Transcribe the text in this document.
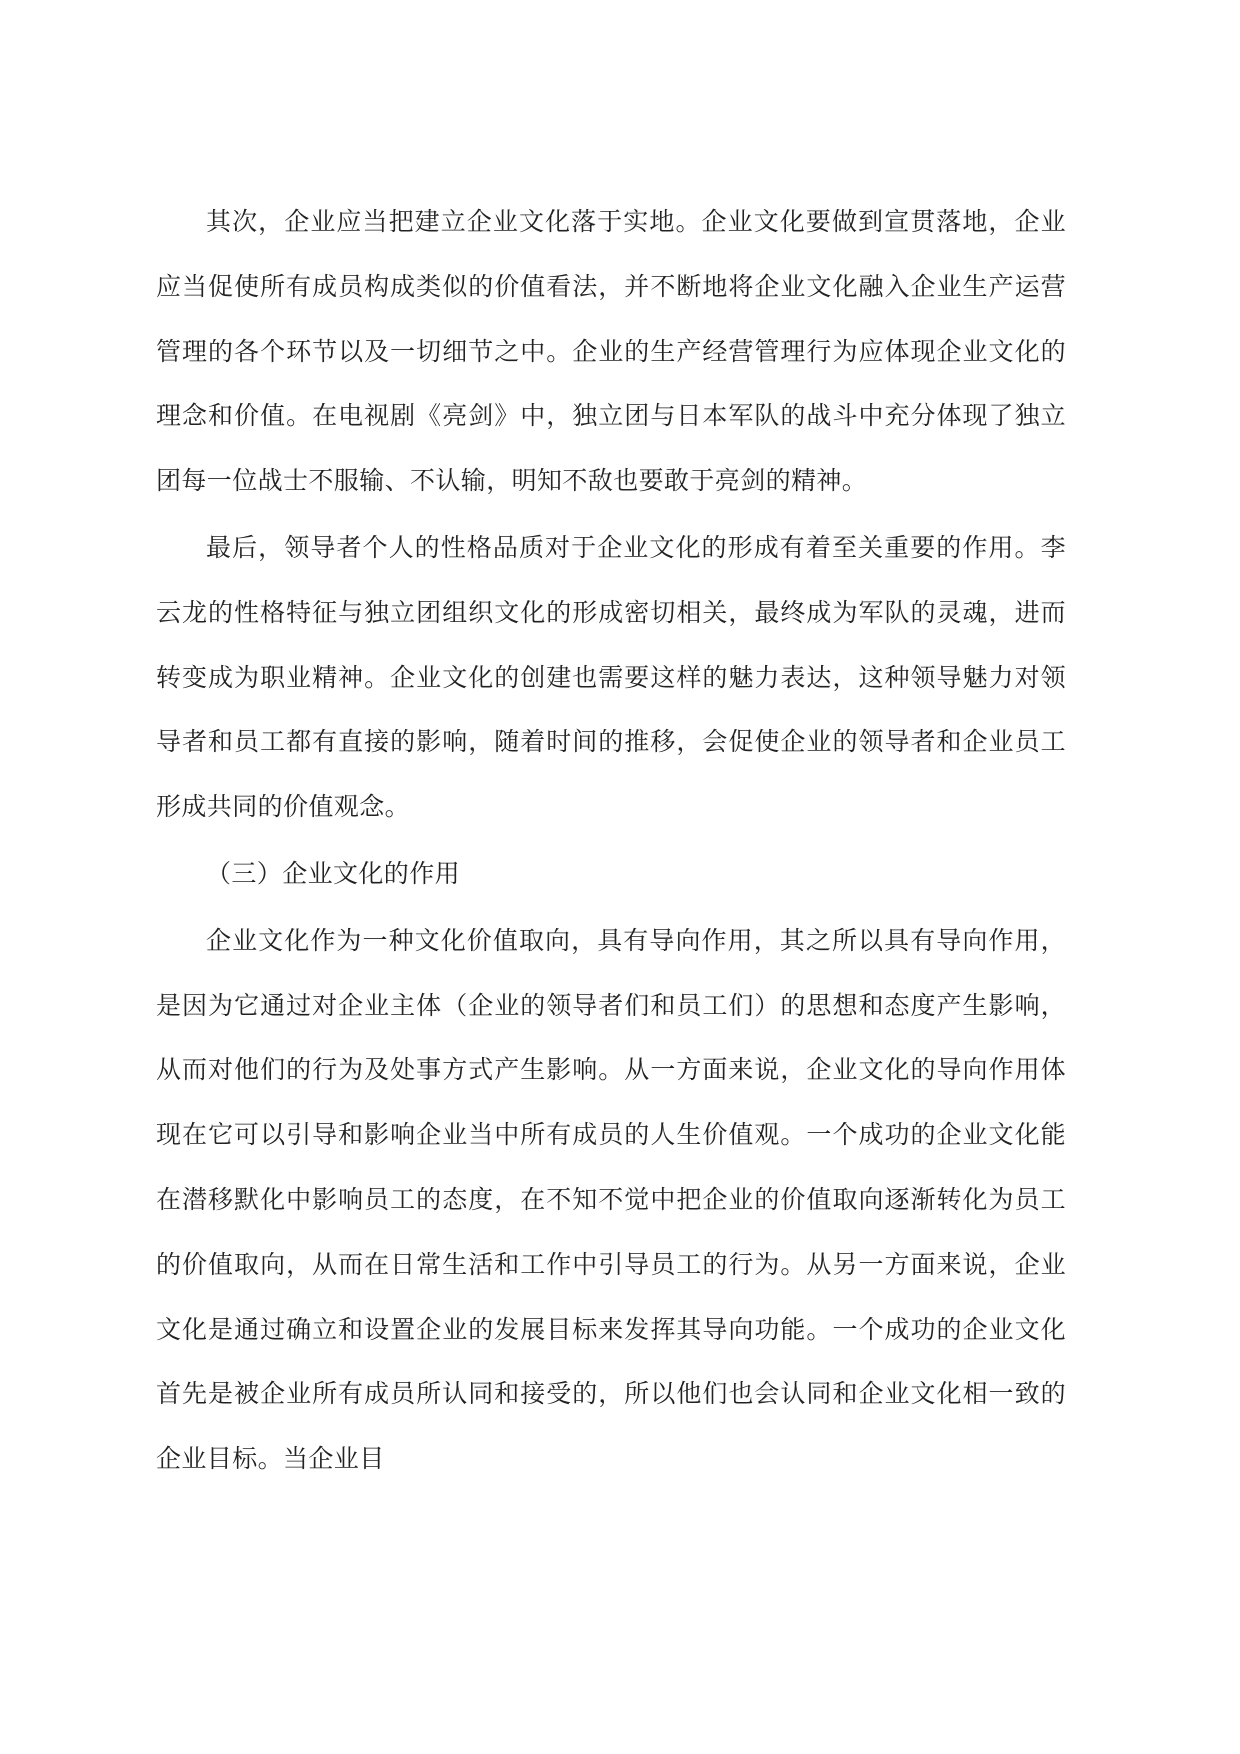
其次，企业应当把建立企业文化落于实地。企业文化要做到宣贯落地，企业应当促使所有成员构成类似的价值看法，并不断地将企业文化融入企业生产运营管理的各个环节以及一切细节之中。企业的生产经营管理行为应体现企业文化的理念和价值。在电视剧《亮剑》中，独立团与日本军队的战斗中充分体现了独立团每一位战士不服输、不认输，明知不敌也要敢于亮剑的精神。

最后，领导者个人的性格品质对于企业文化的形成有着至关重要的作用。李云龙的性格特征与独立团组织文化的形成密切相关，最终成为军队的灵魂，进而转变成为职业精神。企业文化的创建也需要这样的魅力表达，这种领导魅力对领导者和员工都有直接的影响，随着时间的推移，会促使企业的领导者和企业员工形成共同的价值观念。

（三）企业文化的作用

企业文化作为一种文化价值取向，具有导向作用，其之所以具有导向作用，是因为它通过对企业主体（企业的领导者们和员工们）的思想和态度产生影响，从而对他们的行为及处事方式产生影响。从一方面来说，企业文化的导向作用体现在它可以引导和影响企业当中所有成员的人生价值观。一个成功的企业文化能在潜移默化中影响员工的态度，在不知不觉中把企业的价值取向逐渐转化为员工的价值取向，从而在日常生活和工作中引导员工的行为。从另一方面来说，企业文化是通过确立和设置企业的发展目标来发挥其导向功能。一个成功的企业文化首先是被企业所有成员所认同和接受的，所以他们也会认同和企业文化相一致的企业目标。当企业目
